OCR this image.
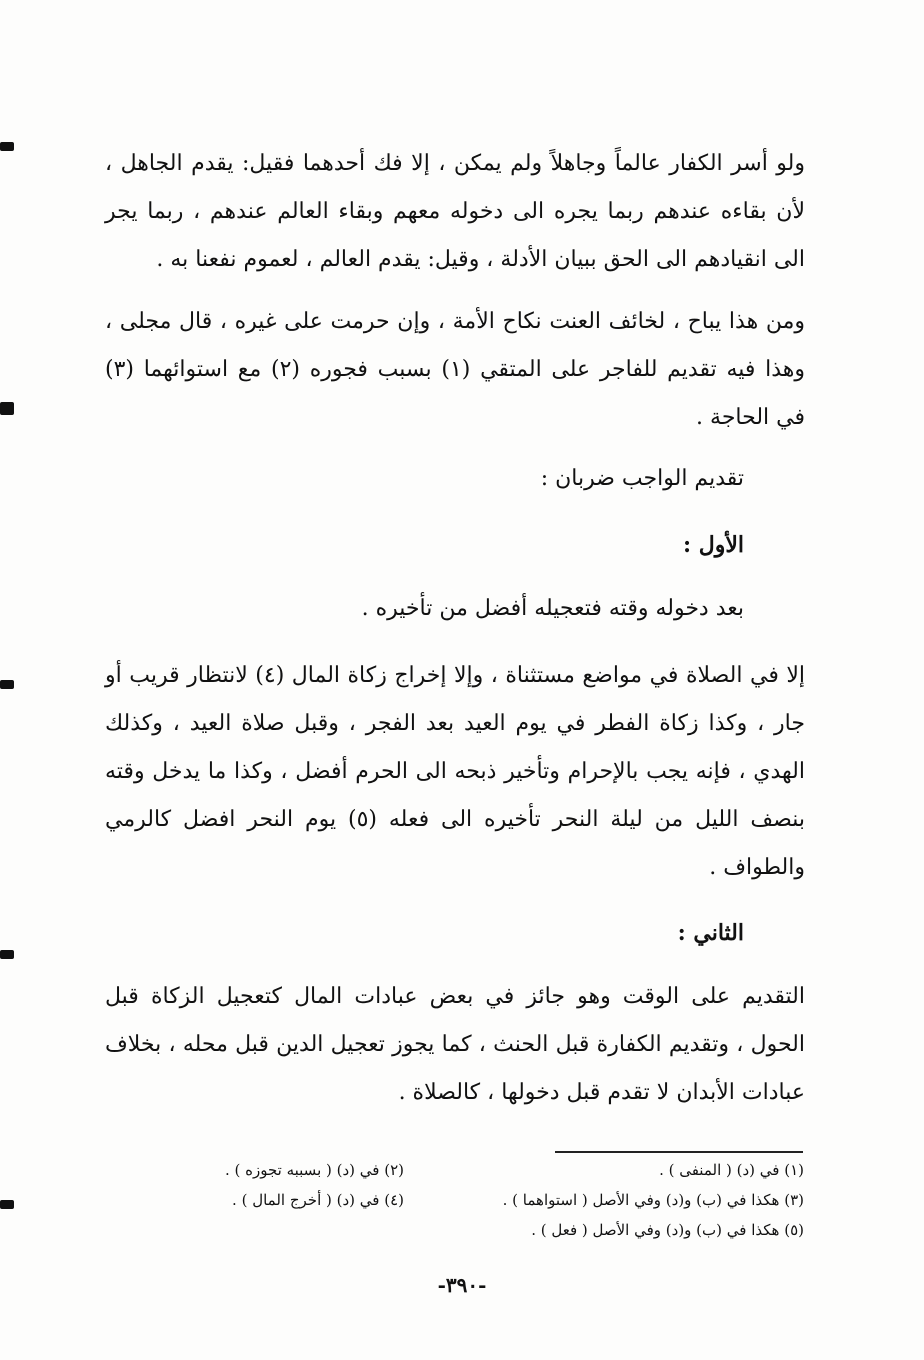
ولو أسر الكفار عالماً وجاهلاً ولم يمكن ، إلا فك أحدهما فقيل: يقدم الجاهل ، لأن بقاءه عندهم ربما يجره الى دخوله معهم وبقاء العالم عندهم ، ربما يجر الى انقيادهم الى الحق ببيان الأدلة ، وقيل: يقدم العالم ، لعموم نفعنا به .
ومن هذا يباح ، لخائف العنت نكاح الأمة ، وإن حرمت على غيره ، قال مجلى ، وهذا فيه تقديم للفاجر على المتقي (١) بسبب فجوره (٢) مع استوائهما (٣) في الحاجة .
تقديم الواجب ضربان :
الأول :
بعد دخوله وقته فتعجيله أفضل من تأخيره .
إلا في الصلاة في مواضع مستثناة ، وإلا إخراج زكاة المال (٤) لانتظار قريب أو جار ، وكذا زكاة الفطر في يوم العيد بعد الفجر ، وقبل صلاة العيد ، وكذلك الهدي ، فإنه يجب بالإحرام وتأخير ذبحه الى الحرم أفضل ، وكذا ما يدخل وقته بنصف الليل من ليلة النحر تأخيره الى فعله (٥) يوم النحر افضل كالرمي والطواف .
الثاني :
التقديم على الوقت وهو جائز في بعض عبادات المال كتعجيل الزكاة قبل الحول ، وتقديم الكفارة قبل الحنث ، كما يجوز تعجيل الدين قبل محله ، بخلاف عبادات الأبدان لا تقدم قبل دخولها ، كالصلاة .
(١) في (د) ( المنفى ) .
(٢) في (د) ( بسببه تجوزه ) .
(٣) هكذا في (ب) و(د) وفي الأصل ( استواهما ) .
(٤) في (د) ( أخرج المال ) .
(٥) هكذا في (ب) و(د) وفي الأصل ( فعل ) .
-٣٩٠-
